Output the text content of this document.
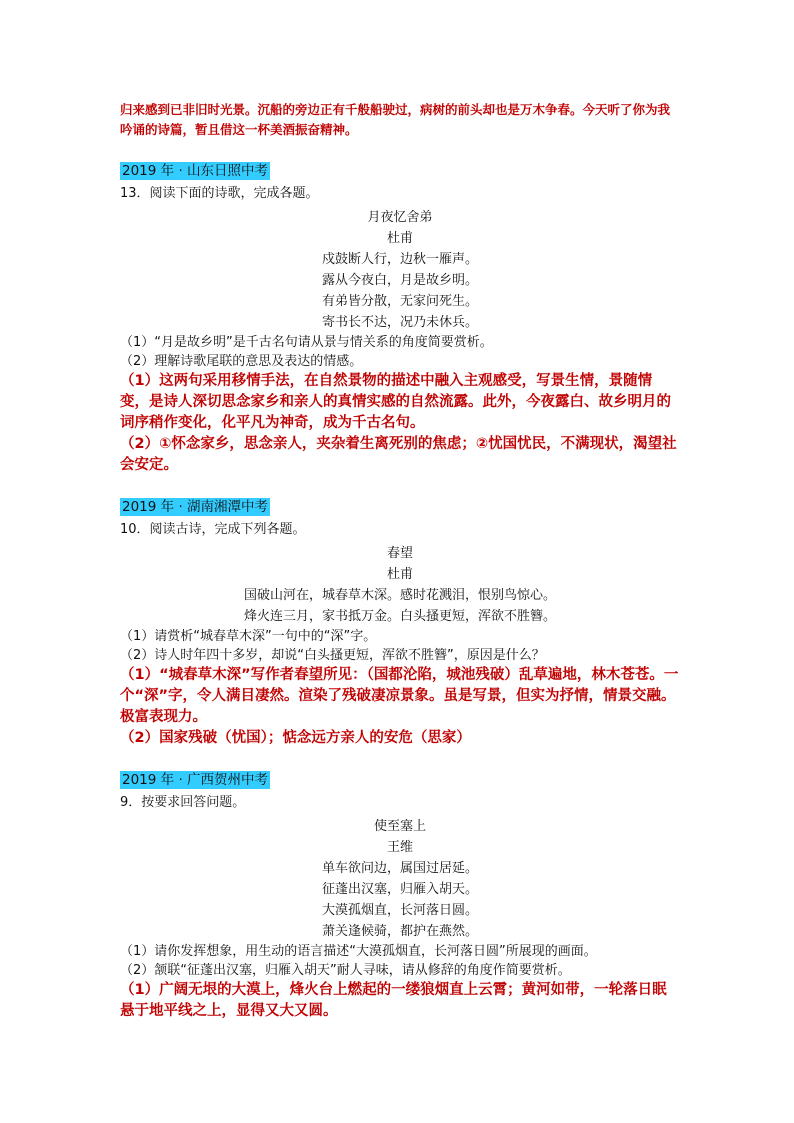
归来感到已非旧时光景。沉船的旁边正有千般船驶过，病树的前头却也是万木争春。今天听了你为我吟诵的诗篇，暂且借这一杯美酒振奋精神。

2019 年 · 山东日照中考

13．阅读下面的诗歌，完成各题。

月夜忆舍弟
杜甫
戍鼓断人行，边秋一雁声。
露从今夜白，月是故乡明。
有弟皆分散，无家问死生。
寄书长不达，况乃未休兵。

（1）“月是故乡明”是千古名句请从景与情关系的角度简要赏析。

（2）理解诗歌尾联的意思及表达的情感。

（1）这两句采用移情手法，在自然景物的描述中融入主观感受，写景生情，景随情变，是诗人深切思念家乡和亲人的真情实感的自然流露。此外，今夜露白、故乡明月的词序稍作变化，化平凡为神奇，成为千古名句。

（2）①怀念家乡，思念亲人，夹杂着生离死别的焦虑；②忧国忧民，不满现状，渴望社会安定。

2019 年 · 湖南湘潭中考

10．阅读古诗，完成下列各题。

春望
杜甫
国破山河在，城春草木深。感时花溅泪，恨别鸟惊心。
烽火连三月，家书抵万金。白头搔更短，浑欲不胜簪。

（1）请赏析“城春草木深”一句中的“深”字。

（2）诗人时年四十多岁，却说“白头搔更短，浑欲不胜簪”，原因是什么？

（1）“城春草木深”写作者春望所见：（国都沦陷，城池残破）乱草遍地，林木苍苍。一个“深”字，令人满目凄然。渲染了残破凄凉景象。虽是写景，但实为抒情，情景交融。极富表现力。

（2）国家残破（忧国）；惦念远方亲人的安危（思家）

2019 年 · 广西贺州中考

9．按要求回答问题。

使至塞上
王维
单车欲问边，属国过居延。
征蓬出汉塞，归雁入胡天。
大漠孤烟直，长河落日圆。
萧关逢候骑，都护在燕然。

（1）请你发挥想象，用生动的语言描述“大漠孤烟直，长河落日圆”所展现的画面。

（2）颔联“征蓬出汉塞，归雁入胡天”耐人寻味，请从修辞的角度作简要赏析。

（1）广阔无垠的大漠上，烽火台上燃起的一缕狼烟直上云霄；黄河如带，一轮落日眠悬于地平线之上，显得又大又圆。
